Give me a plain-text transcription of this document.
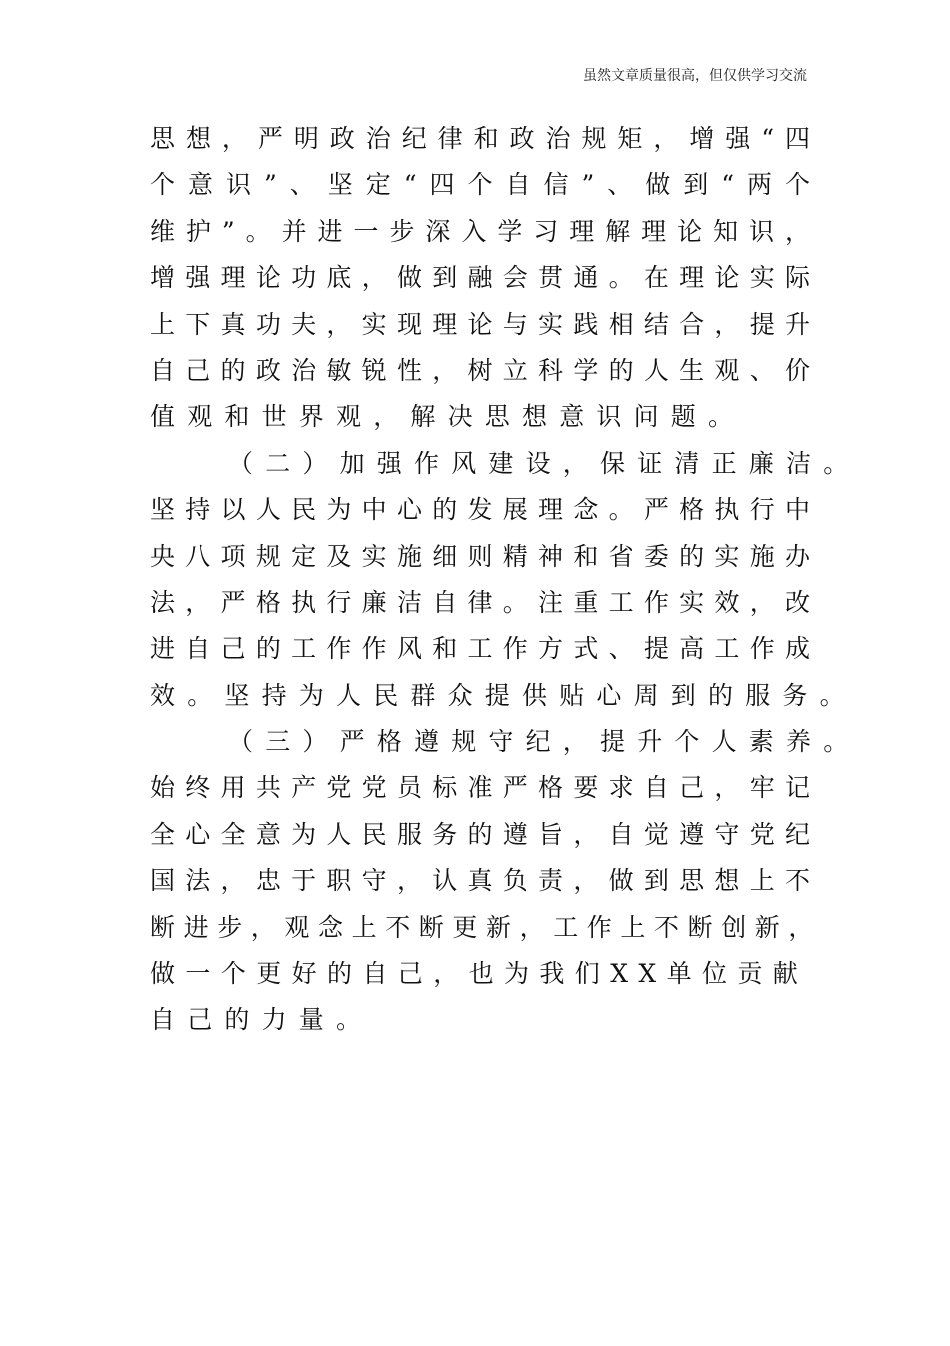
虽然文章质量很高，但仅供学习交流
思想，严明政治纪律和政治规矩，增强“四
个意识”、坚定“四个自信”、做到“两个
维护”。并进一步深入学习理解理论知识，
增强理论功底，做到融会贯通。在理论实际
上下真功夫，实现理论与实践相结合，提升
自己的政治敏锐性，树立科学的人生观、价
值观和世界观，解决思想意识问题。
（二）加强作风建设，保证清正廉洁。
坚持以人民为中心的发展理念。严格执行中
央八项规定及实施细则精神和省委的实施办
法，严格执行廉洁自律。注重工作实效，改
进自己的工作作风和工作方式、提高工作成
效。坚持为人民群众提供贴心周到的服务。
（三）严格遵规守纪，提升个人素养。
始终用共产党党员标准严格要求自己，牢记
全心全意为人民服务的遵旨，自觉遵守党纪
国法，忠于职守，认真负责，做到思想上不
断进步，观念上不断更新，工作上不断创新，
做一个更好的自己，也为我们XX单位贡献
自己的力量。
